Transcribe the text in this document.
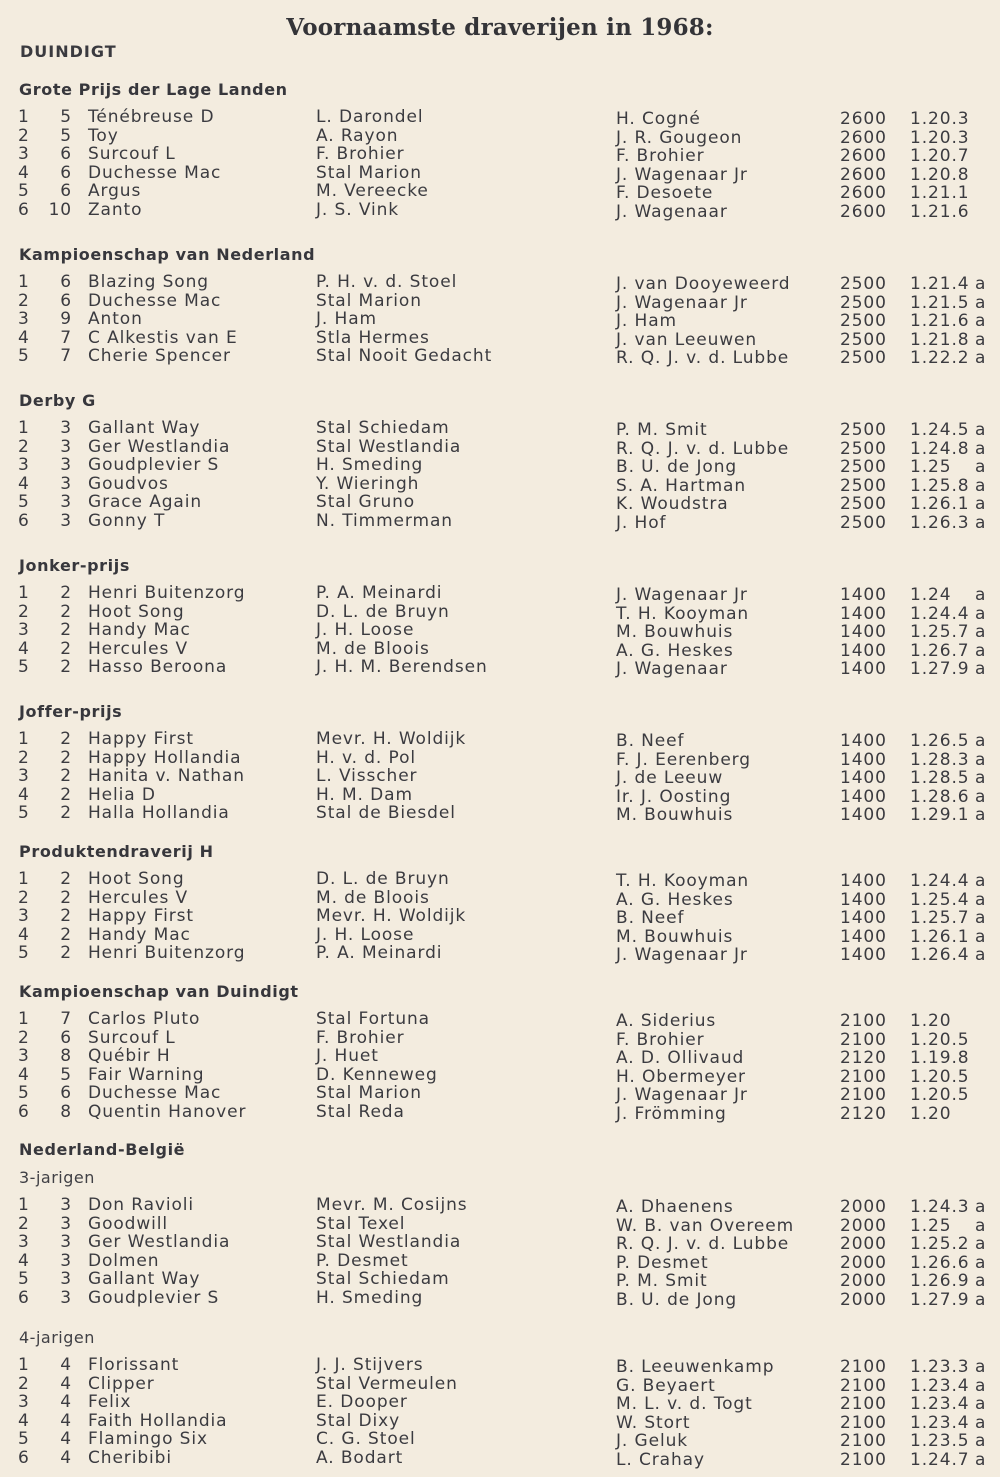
Voornaamste draverijen in 1968:
DUINDIGT
Grote Prijs der Lage Landen
1	5 Ténébreuse D	L. Darondel	H. Cogné	2600 1.20.3
2	5 Toy	A. Rayon	J. R. Gougeon	2600 1.20.3
3	6 Surcouf L	F. Brohier	F. Brohier	2600 1.20.7
4	6 Duchesse Mac	Stal Marion	J. Wagenaar Jr	2600 1.20.8
5	6 Argus	M. Vereecke	F. Desoete	2600 1.21.1
6 10 Zanto	J. S. Vink	J. Wagenaar	2600 1.21.6
Kampioenschap van Nederland
1	6 Blazing Song	P. H. v. d. Stoel	J. van Dooyeweerd	2500 1.21.4 a
2	6 Duchesse Mac	Stal Marion	J. Wagenaar Jr	2500 1.21.5 a
3	9 Anton	J. Ham	J. Ham	2500 1.21.6 a
4	7 C Alkestis van E	Stla Hermes	J. van Leeuwen	2500 1.21.8 a
5	7 Cherie Spencer	Stal Nooit Gedacht	R. Q. J. v. d. Lubbe	2500 1.22.2 a
Derby G
1	3 Gallant Way	Stal Schiedam	P. M. Smit	2500 1.24.5 a
2	3 Ger Westlandia	Stal Westlandia	R. Q. J. v. d. Lubbe	2500 1.24.8 a
3	3 Goudplevier S	H. Smeding	B. U. de Jong	2500 1.25 a
4	3 Goudvos	Y. Wieringh	S. A. Hartman	2500 1.25.8 a
5	3 Grace Again	Stal Gruno	K. Woudstra	2500 1.26.1 a
6	3 Gonny T	N. Timmerman	J. Hof	2500 1.26.3 a
Jonker-prijs
1	2 Henri Buitenzorg	P. A. Meinardi	J. Wagenaar Jr	1400 1.24 a
2	2 Hoot Song	D. L. de Bruyn	T. H. Kooyman	1400 1.24.4 a
3	2 Handy Mac	J. H. Loose	M. Bouwhuis	1400 1.25.7 a
4	2 Hercules V	M. de Bloois	A. G. Heskes	1400 1.26.7 a
5	2 Hasso Beroona	J. H. M. Berendsen	J. Wagenaar	1400 1.27.9 a
Joffer-prijs
1	2 Happy First	Mevr. H. Woldijk	B. Neef	1400 1.26.5 a
2	2 Happy Hollandia	H. v. d. Pol	F. J. Eerenberg	1400 1.28.3 a
3	2 Hanita v. Nathan	L. Visscher	J. de Leeuw	1400 1.28.5 a
4	2 Helia D	H. M. Dam	Ir. J. Oosting	1400 1.28.6 a
5	2 Halla Hollandia	Stal de Biesdel	M. Bouwhuis	1400 1.29.1 a
Produktendraverij H
1	2 Hoot Song	D. L. de Bruyn	T. H. Kooyman	1400 1.24.4 a
2	2 Hercules V	M. de Bloois	A. G. Heskes	1400 1.25.4 a
3	2 Happy First	Mevr. H. Woldijk	B. Neef	1400 1.25.7 a
4	2 Handy Mac	J. H. Loose	M. Bouwhuis	1400 1.26.1 a
5	2 Henri Buitenzorg	P. A. Meinardi	J. Wagenaar Jr	1400 1.26.4 a
Kampioenschap van Duindigt
1	7 Carlos Pluto	Stal Fortuna	A. Siderius	2100 1.20
2	6 Surcouf L	F. Brohier	F. Brohier	2100 1.20.5
3	8 Québir H	J. Huet	A. D. Ollivaud	2120 1.19.8
4	5 Fair Warning	D. Kenneweg	H. Obermeyer	2100 1.20.5
5	6 Duchesse Mac	Stal Marion	J. Wagenaar Jr	2100 1.20.5
6	8 Quentin Hanover	Stal Reda	J. Frömming	2120 1.20
Nederland-België
3-jarigen
1	3 Don Ravioli	Mevr. M. Cosijns	A. Dhaenens	2000 1.24.3 a
2	3 Goodwill	Stal Texel	W. B. van Overeem	2000 1.25 a
3	3 Ger Westlandia	Stal Westlandia	R. Q. J. v. d. Lubbe	2000 1.25.2 a
4	3 Dolmen	P. Desmet	P. Desmet	2000 1.26.6 a
5	3 Gallant Way	Stal Schiedam	P. M. Smit	2000 1.26.9 a
6	3 Goudplevier S	H. Smeding	B. U. de Jong	2000 1.27.9 a
4-jarigen
1	4 Florissant	J. J. Stijvers	B. Leeuwenkamp	2100 1.23.3 a
2	4 Clipper	Stal Vermeulen	G. Beyaert	2100 1.23.4 a
3	4 Felix	E. Dooper	M. L. v. d. Togt	2100 1.23.4 a
4	4 Faith Hollandia	Stal Dixy	W. Stort	2100 1.23.4 a
5	4 Flamingo Six	C. G. Stoel	J. Geluk	2100 1.23.5 a
6	4 Cheribibi	A. Bodart	L. Crahay	2100 1.24.7 a
